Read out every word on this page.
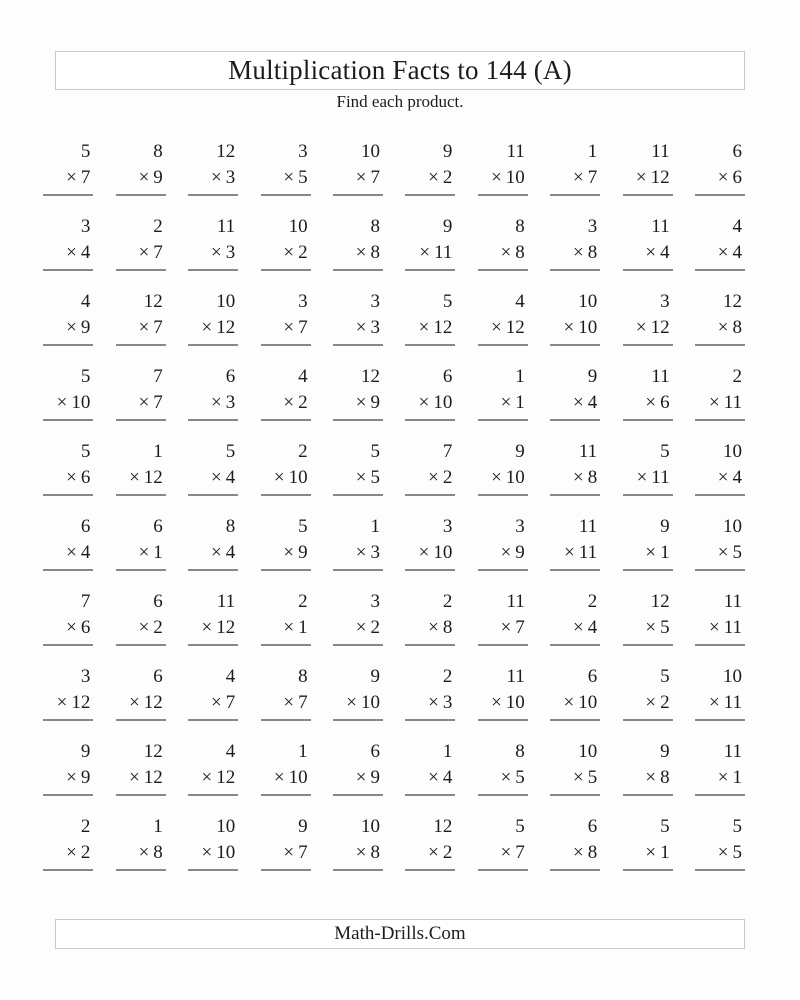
Multiplication Facts to 144 (A)
Find each product.
5
× 7
8
× 9
12
× 3
3
× 5
10
× 7
9
× 2
11
× 10
1
× 7
11
× 12
6
× 6
3
× 4
2
× 7
11
× 3
10
× 2
8
× 8
9
× 11
8
× 8
3
× 8
11
× 4
4
× 4
4
× 9
12
× 7
10
× 12
3
× 7
3
× 3
5
× 12
4
× 12
10
× 10
3
× 12
12
× 8
5
× 10
7
× 7
6
× 3
4
× 2
12
× 9
6
× 10
1
× 1
9
× 4
11
× 6
2
× 11
5
× 6
1
× 12
5
× 4
2
× 10
5
× 5
7
× 2
9
× 10
11
× 8
5
× 11
10
× 4
6
× 4
6
× 1
8
× 4
5
× 9
1
× 3
3
× 10
3
× 9
11
× 11
9
× 1
10
× 5
7
× 6
6
× 2
11
× 12
2
× 1
3
× 2
2
× 8
11
× 7
2
× 4
12
× 5
11
× 11
3
× 12
6
× 12
4
× 7
8
× 7
9
× 10
2
× 3
11
× 10
6
× 10
5
× 2
10
× 11
9
× 9
12
× 12
4
× 12
1
× 10
6
× 9
1
× 4
8
× 5
10
× 5
9
× 8
11
× 1
2
× 2
1
× 8
10
× 10
9
× 7
10
× 8
12
× 2
5
× 7
6
× 8
5
× 1
5
× 5
Math-Drills.Com
